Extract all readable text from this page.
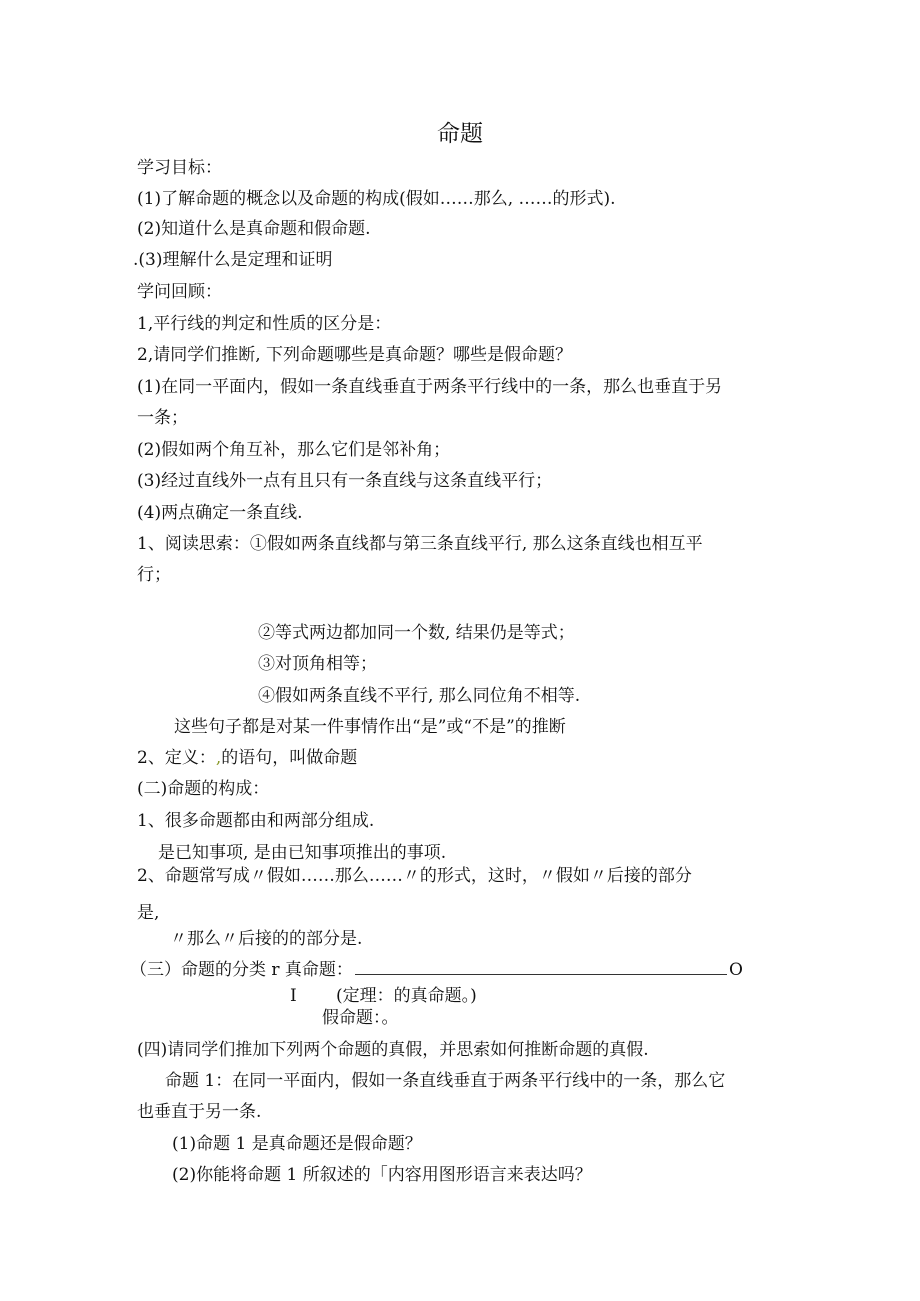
命题
学习目标：
(1)了解命题的概念以及命题的构成(假如……那么, ……的形式).
(2)知道什么是真命题和假命题.
.(3)理解什么是定理和证明
学问回顾：
1,平行线的判定和性质的区分是：
2,请同学们推断, 下列命题哪些是真命题？哪些是假命题？
(1)在同一平面内，假如一条直线垂直于两条平行线中的一条，那么也垂直于另
一条；
(2)假如两个角互补，那么它们是邻补角；
(3)经过直线外一点有且只有一条直线与这条直线平行；
(4)两点确定一条直线.
1、阅读思索：①假如两条直线都与第三条直线平行, 那么这条直线也相互平
行；
②等式两边都加同一个数, 结果仍是等式；
③对顶角相等；
④假如两条直线不平行, 那么同位角不相等.
这些句子都是对某一件事情作出“是”或“不是”的推断
2、定义：,的语句，叫做命题
(二)命题的构成：
1、很多命题都由和两部分组成.
是已知事项, 是由已知事项推出的事项.
2、命题常写成〃假如……那么……〃的形式，这时，〃假如〃后接的部分
是,
〃那么〃后接的的部分是.
（三）命题的分类 r 真命题：	O
I (定理：的真命题。)
假命题：。
(四)请同学们推加下列两个命题的真假，并思索如何推断命题的真假.
命题 1：在同一平面内，假如一条直线垂直于两条平行线中的一条，那么它
也垂直于另一条.
(1)命题 1 是真命题还是假命题？
(2)你能将命题 1 所叙述的「内容用图形语言来表达吗？
